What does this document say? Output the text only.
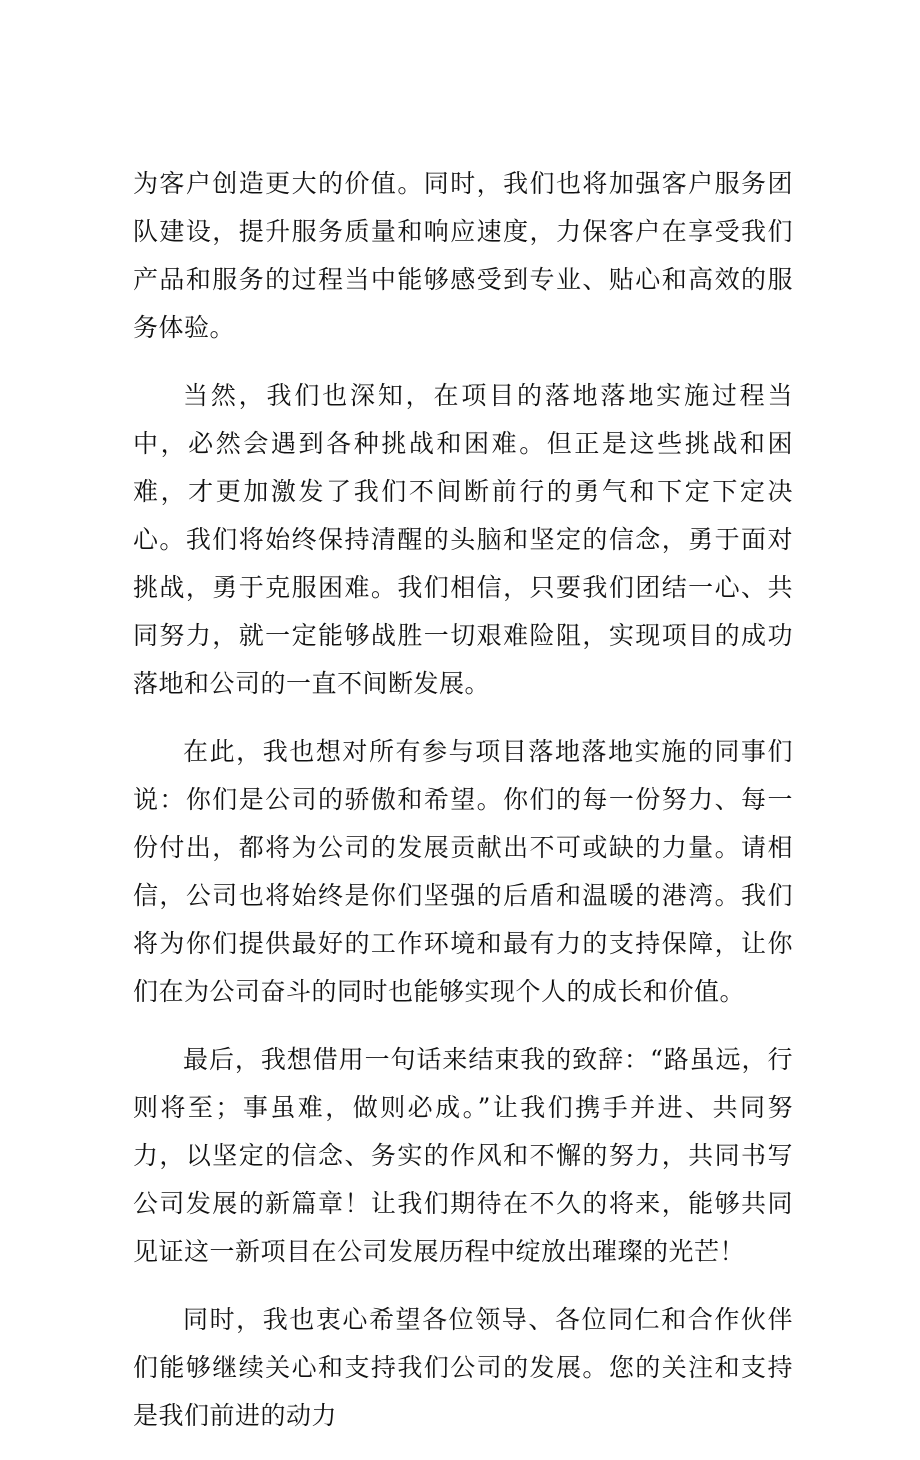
为客户创造更大的价值。同时，我们也将加强客户服务团队建设，提升服务质量和响应速度，力保客户在享受我们产品和服务的过程当中能够感受到专业、贴心和高效的服务体验。

当然，我们也深知，在项目的落地落地实施过程当中，必然会遇到各种挑战和困难。但正是这些挑战和困难，才更加激发了我们不间断前行的勇气和下定下定决心。我们将始终保持清醒的头脑和坚定的信念，勇于面对挑战，勇于克服困难。我们相信，只要我们团结一心、共同努力，就一定能够战胜一切艰难险阻，实现项目的成功落地和公司的一直不间断发展。

在此，我也想对所有参与项目落地落地实施的同事们说：你们是公司的骄傲和希望。你们的每一份努力、每一份付出，都将为公司的发展贡献出不可或缺的力量。请相信，公司也将始终是你们坚强的后盾和温暖的港湾。我们将为你们提供最好的工作环境和最有力的支持保障，让你们在为公司奋斗的同时也能够实现个人的成长和价值。

最后，我想借用一句话来结束我的致辞：“路虽远，行则将至；事虽难，做则必成。”让我们携手并进、共同努力，以坚定的信念、务实的作风和不懈的努力，共同书写公司发展的新篇章！让我们期待在不久的将来，能够共同见证这一新项目在公司发展历程中绽放出璀璨的光芒！

同时，我也衷心希望各位领导、各位同仁和合作伙伴们能够继续关心和支持我们公司的发展。您的关注和支持是我们前进的动力
